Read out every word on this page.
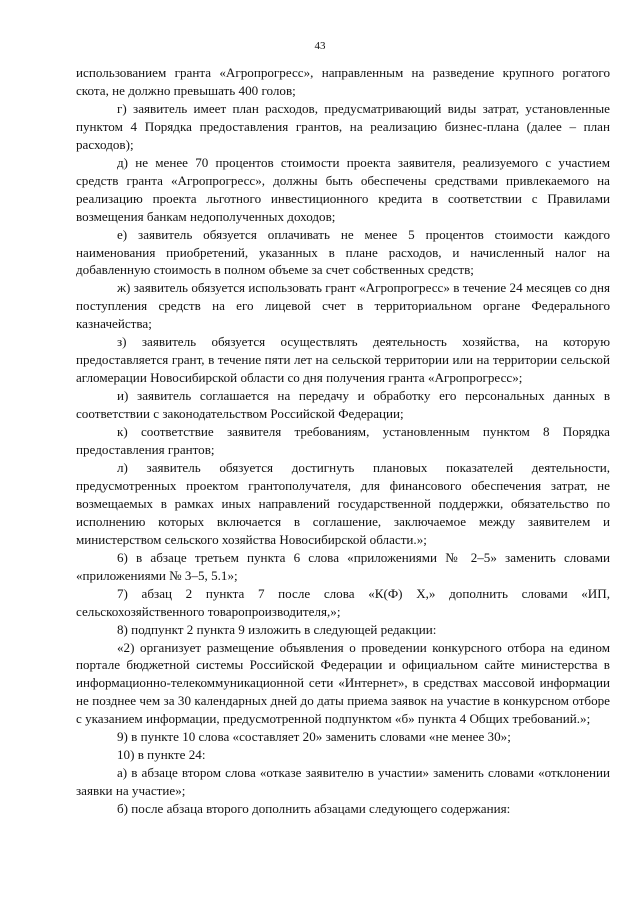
43

использованием гранта «Агропрогресс», направленным на разведение крупного рогатого скота, не должно превышать 400 голов;

г) заявитель имеет план расходов, предусматривающий виды затрат, установленные пунктом 4 Порядка предоставления грантов, на реализацию бизнес-плана (далее – план расходов);

д) не менее 70 процентов стоимости проекта заявителя, реализуемого с участием средств гранта «Агропрогресс», должны быть обеспечены средствами привлекаемого на реализацию проекта льготного инвестиционного кредита в соответствии с Правилами возмещения банкам недополученных доходов;

е) заявитель обязуется оплачивать не менее 5 процентов стоимости каждого наименования приобретений, указанных в плане расходов, и начисленный налог на добавленную стоимость в полном объеме за счет собственных средств;

ж) заявитель обязуется использовать грант «Агропрогресс» в течение 24 месяцев со дня поступления средств на его лицевой счет в территориальном органе Федерального казначейства;

з) заявитель обязуется осуществлять деятельность хозяйства, на которую предоставляется грант, в течение пяти лет на сельской территории или на территории сельской агломерации Новосибирской области со дня получения гранта «Агропрогресс»;

и) заявитель соглашается на передачу и обработку его персональных данных в соответствии с законодательством Российской Федерации;

к) соответствие заявителя требованиям, установленным пунктом 8 Порядка предоставления грантов;

л) заявитель обязуется достигнуть плановых показателей деятельности, предусмотренных проектом грантополучателя, для финансового обеспечения затрат, не возмещаемых в рамках иных направлений государственной поддержки, обязательство по исполнению которых включается в соглашение, заключаемое между заявителем и министерством сельского хозяйства Новосибирской области.»;

6) в абзаце третьем пункта 6 слова «приложениями № 2–5» заменить словами «приложениями № 3–5, 5.1»;

7) абзац 2 пункта 7 после слова «К(Ф) Х,» дополнить словами «ИП, сельскохозяйственного товаропроизводителя,»;

8) подпункт 2 пункта 9 изложить в следующей редакции:

«2) организует размещение объявления о проведении конкурсного отбора на едином портале бюджетной системы Российской Федерации и официальном сайте министерства в информационно-телекоммуникационной сети «Интернет», в средствах массовой информации не позднее чем за 30 календарных дней до даты приема заявок на участие в конкурсном отборе с указанием информации, предусмотренной подпунктом «б» пункта 4 Общих требований.»;

9) в пункте 10 слова «составляет 20» заменить словами «не менее 30»;

10) в пункте 24:

а) в абзаце втором слова «отказе заявителю в участии» заменить словами «отклонении заявки на участие»;

б) после абзаца второго дополнить абзацами следующего содержания:
